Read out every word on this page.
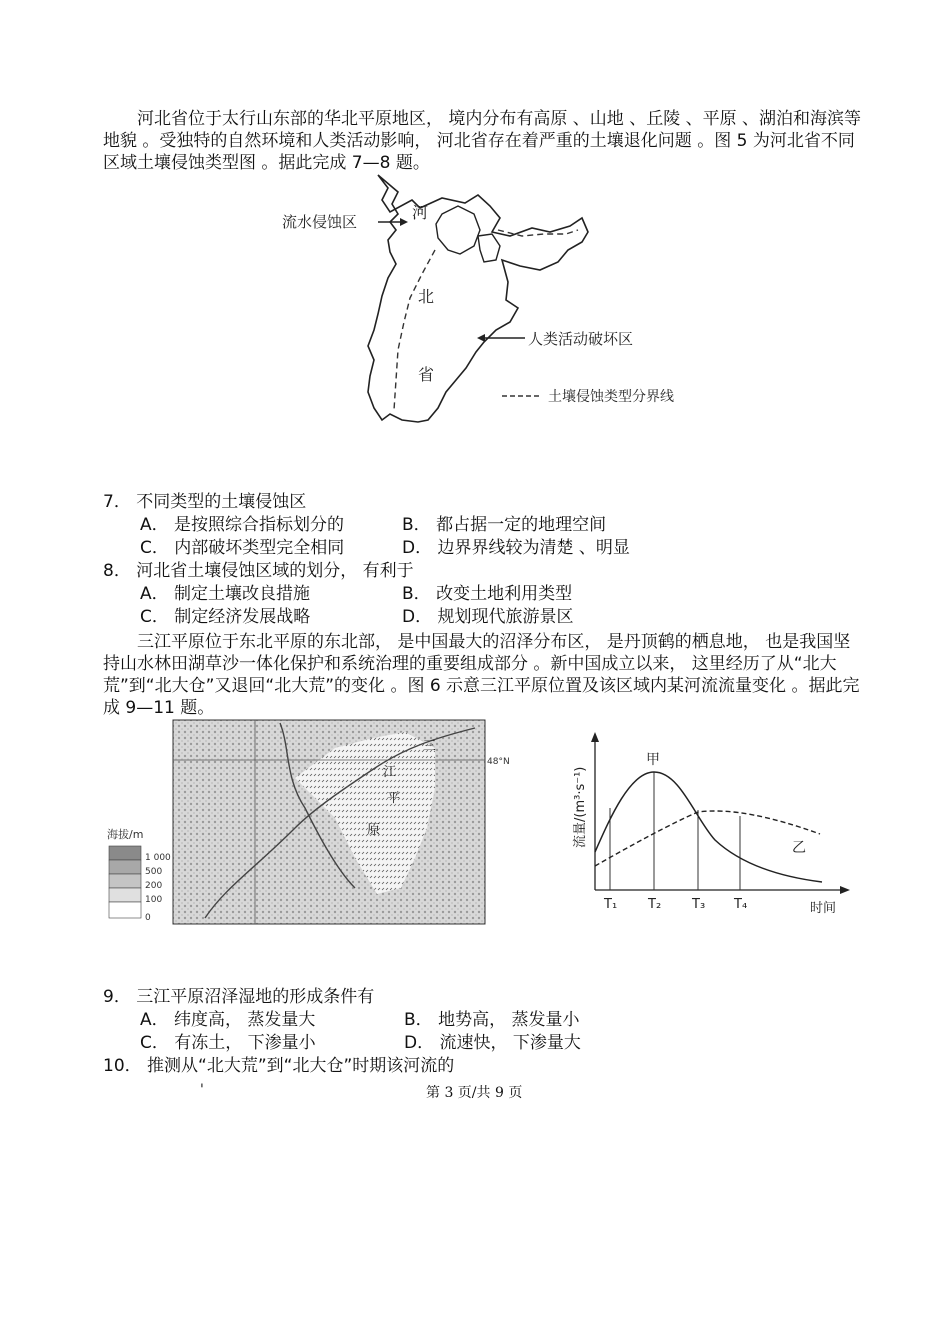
河北省位于太行山东部的华北平原地区， 境内分布有高原 、山地 、丘陵 、平原 、湖泊和海滨等地貌 。受独特的自然环境和人类活动影响， 河北省存在着严重的土壤退化问题 。图 5 为河北省不同区域土壤侵蚀类型图 。据此完成 7—8 题。
流水侵蚀区	河
北
省
人类活动破坏区
土壤侵蚀类型分界线
7． 不同类型的土壤侵蚀区
A． 是按照综合指标划分的	B． 都占据一定的地理空间
C． 内部破坏类型完全相同	D． 边界界线较为清楚 、明显
8． 河北省土壤侵蚀区域的划分， 有利于
A． 制定土壤改良措施	B． 改变土地利用类型
C． 制定经济发展战略	D． 规划现代旅游景区
三江平原位于东北平原的东北部， 是中国最大的沼泽分布区， 是丹顶鹤的栖息地， 也是我国坚持山水林田湖草沙一体化保护和系统治理的重要组成部分 。新中国成立以来， 这里经历了从“北大荒”到“北大仓”又退回“北大荒”的变化 。图 6 示意三江平原位置及该区域内某河流流量变化 。据此完成 9—11 题。
48°N
三
江
平
原
海拔/m
1 000
500
200
100
0
流量/(m³·s⁻¹)
时间
T₁ T₂ T₃ T₄
甲
乙
9． 三江平原沼泽湿地的形成条件有
A． 纬度高， 蒸发量大	B． 地势高， 蒸发量小
C． 有冻土， 下渗量小	D． 流速快， 下渗量大
10． 推测从“北大荒”到“北大仓”时期该河流的
'	第 3 页/共 9 页
